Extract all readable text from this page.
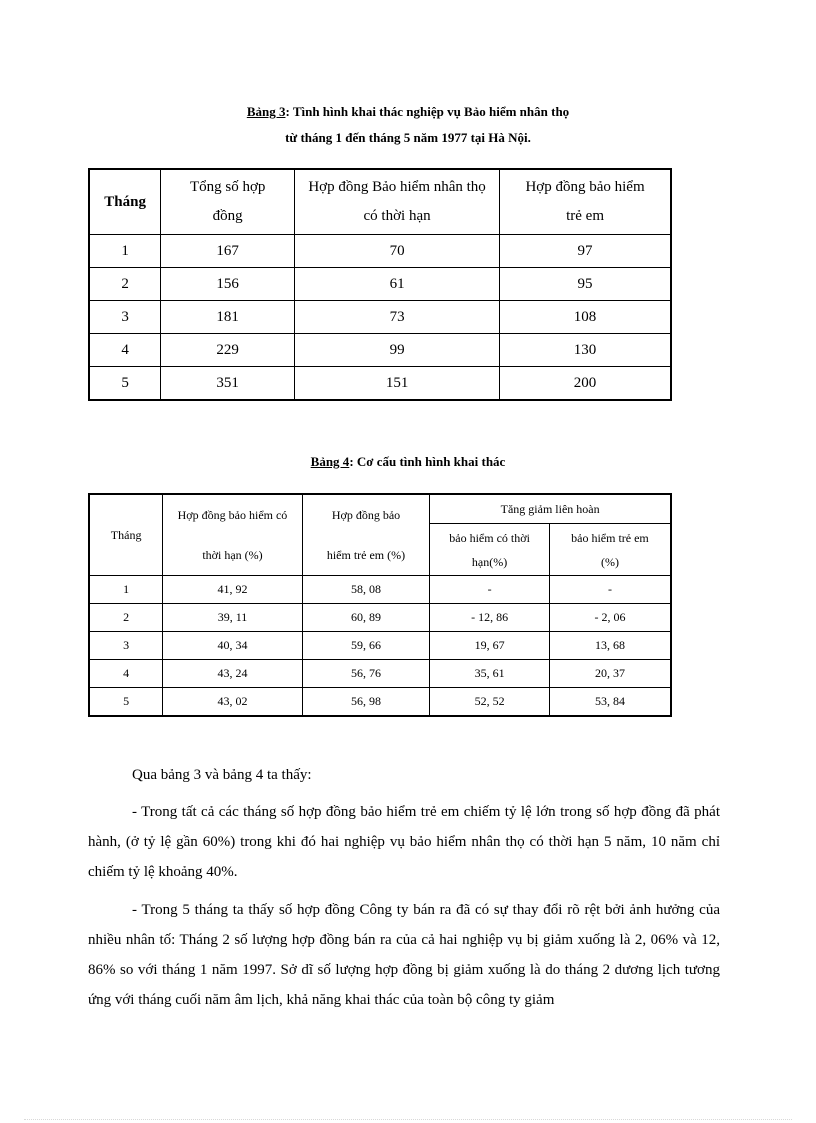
Bảng 3: Tình hình khai thác nghiệp vụ Bảo hiểm nhân thọ
từ tháng 1 đến tháng 5 năm 1977 tại Hà Nội.
Tháng	Tổng số hợp đồng	Hợp đồng Bảo hiểm nhân thọ có thời hạn	Hợp đồng bảo hiểm trẻ em

1	167	70	97
2	156	61	95
3	181	73	108
4	229	99	130
5	351	151	200
Bảng 4: Cơ cấu tình hình khai thác
Tháng	Hợp đồng bảo hiểm có thời hạn (%)	Hợp đồng bảo hiểm trẻ em (%)	Tăng giảm liên hoàn	

			bảo hiểm có thời hạn(%)	bảo hiểm trẻ em (%)

1	41, 92	58, 08	-	-
2	39, 11	60, 89	- 12, 86	- 2, 06
3	40, 34	59, 66	19, 67	13, 68
4	43, 24	56, 76	35, 61	20, 37
5	43, 02	56, 98	52, 52	53, 84
Qua bảng 3 và bảng 4 ta thấy:
- Trong tất cả các tháng số hợp đồng bảo hiểm trẻ em chiếm tỷ lệ lớn trong số hợp đồng đã phát hành, (ở tỷ lệ gần 60%) trong khi đó hai nghiệp vụ bảo hiểm nhân thọ có thời hạn 5 năm, 10 năm chỉ chiếm tỷ lệ khoảng 40%.
- Trong 5 tháng ta thấy số hợp đồng Công ty bán ra đã có sự thay đổi rõ rệt bởi ảnh hưởng của nhiều nhân tố: Tháng 2 số lượng hợp đồng bán ra của cả hai nghiệp vụ bị giảm xuống là 2, 06% và 12, 86% so với tháng 1 năm 1997. Sở dĩ số lượng hợp đồng bị giảm xuống là do tháng 2 dương lịch tương ứng với tháng cuối năm âm lịch, khả năng khai thác của toàn bộ công ty giảm
